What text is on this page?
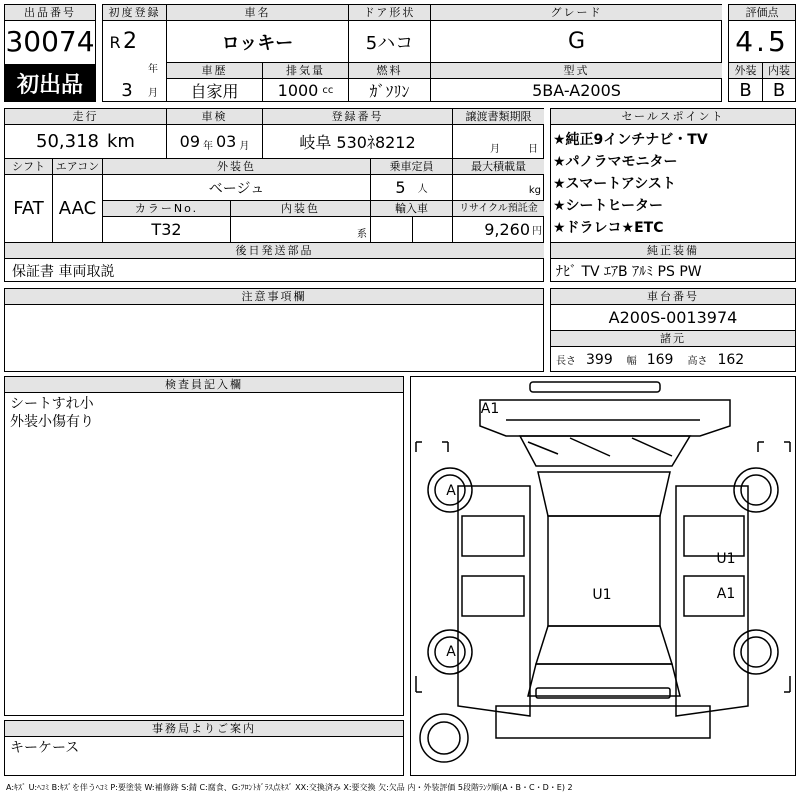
出品番号
30074
初出品
初度登録
R 2
年
3	月
車名
ロッキー
ドア形状
5ハコ
グレード
G
車歴
自家用
排気量
1000 cc
燃料
ｶﾞｿﾘﾝ
型式
5BA-A200S
評価点
4.5
外装	内装
B	B
走行
50,318 km
車検
09 年 03 月
登録番号
岐阜 530ﾈ8212
譲渡書類期限
月	日
シフト
FAT
エアコン
AAC
外装色
ベージュ
乗車定員
5 人
最大積載量
kg
カラーNo.
T32
内装色
系
輸入車	リサイクル預託金
9,260 円
後日発送部品
保証書 車両取説
注意事項欄
セールスポイント
★純正9インチナビ・TV
★パノラマモニター
★スマートアシスト
★シートヒーター
★ドラレコ★ETC
純正装備
ﾅﾋﾞ TV ｴｱB ｱﾙﾐ PS PW
車台番号
A200S-0013974
諸元
長さ 399 幅 169 高さ 162
検査員記入欄
シートすれ小
外装小傷有り
事務局よりご案内
キーケース
A1
A
A
U1	A1
U1
A:ｷｽﾞ U:ﾍｺﾐ B:ｷｽﾞを伴うﾍｺﾐ P:要塗装 W:補修跡 S:錆 C:腐食、G:ﾌﾛﾝﾄｶﾞﾗｽ点ｷｽﾞ XX:交換済み X:要交換 欠:欠品 内・外装評価 5段階ﾗﾝｸ順(A・B・C・D・E) 2
